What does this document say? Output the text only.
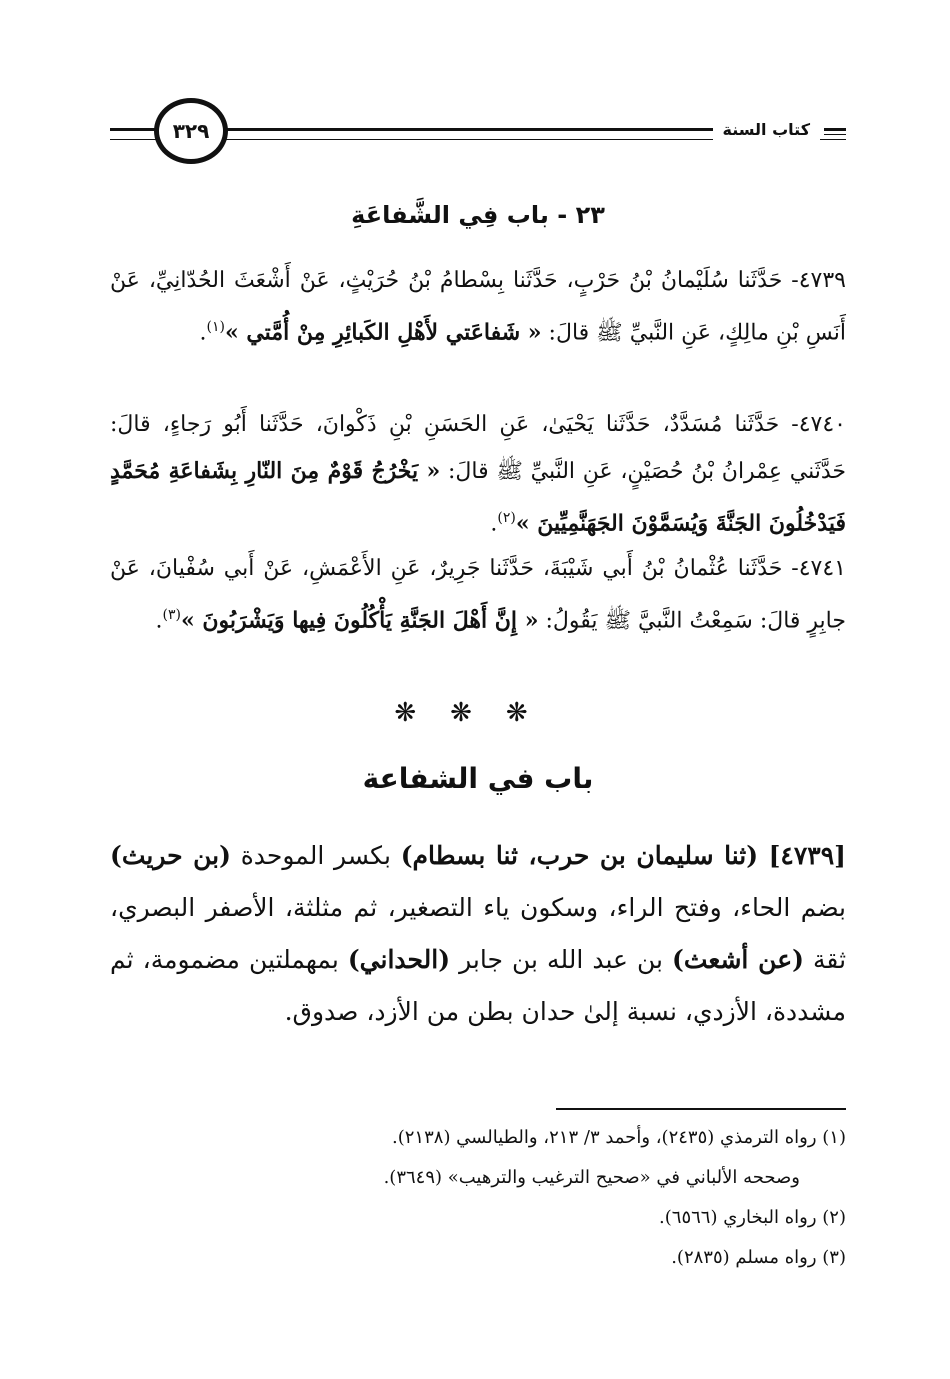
كتاب السنة
٣٢٩
٢٣ - باب فِي الشَّفاعَةِ
٤٧٣٩- حَدَّثَنا سُلَيْمانُ بْنُ حَرْبٍ، حَدَّثَنا بِسْطامُ بْنُ حُرَيْثٍ، عَنْ أَشْعَثَ الحُدّانِيِّ، عَنْ أَنَسِ بْنِ مالِكٍ، عَنِ النَّبيِّ ﷺ قالَ: « شَفاعَتي لأَهْلِ الكَبائِرِ مِنْ أُمَّتي »$^{(١)}$.
٤٧٤٠- حَدَّثَنا مُسَدَّدٌ، حَدَّثَنا يَحْيَىٰ، عَنِ الحَسَنِ بْنِ ذَكْوانَ، حَدَّثَنا أَبُو رَجاءٍ، قالَ: حَدَّثَني عِمْرانُ بْنُ حُصَيْنٍ، عَنِ النَّبيِّ ﷺ قالَ: « يَخْرُجُ قَوْمٌ مِنَ النّارِ بِشَفاعَةِ مُحَمَّدٍ فَيَدْخُلُونَ الجَنَّةَ وَيُسَمَّوْنَ الجَهَنَّمِيِّينَ »$^{(٢)}$.
٤٧٤١- حَدَّثَنا عُثْمانُ بْنُ أَبي شَيْبَةَ، حَدَّثَنا جَرِيرٌ، عَنِ الأَعْمَشِ، عَنْ أَبي سُفْيانَ، عَنْ جابِرٍ قالَ: سَمِعْتُ النَّبيَّ ﷺ يَقُولُ: « إِنَّ أَهْلَ الجَنَّةِ يَأْكُلُونَ فِيها وَيَشْرَبُونَ »$^{(٣)}$.
❋❋❋
باب في الشفاعة
[٤٧٣٩] (ثنا سليمان بن حرب، ثنا بسطام) بكسر الموحدة (بن حريث) بضم الحاء، وفتح الراء، وسكون ياء التصغير، ثم مثلثة، الأصفر البصري، ثقة (عن أشعث) بن عبد الله بن جابر (الحداني) بمهملتين مضمومة، ثم مشددة، الأزدي، نسبة إلىٰ حدان بطن من الأزد، صدوق.

(١) رواه الترمذي (٢٤٣٥)، وأحمد ٣/ ٢١٣، والطيالسي (٢١٣٨).

وصححه الألباني في «صحيح الترغيب والترهيب» (٣٦٤٩).

(٢) رواه البخاري (٦٥٦٦).

(٣) رواه مسلم (٢٨٣٥).
